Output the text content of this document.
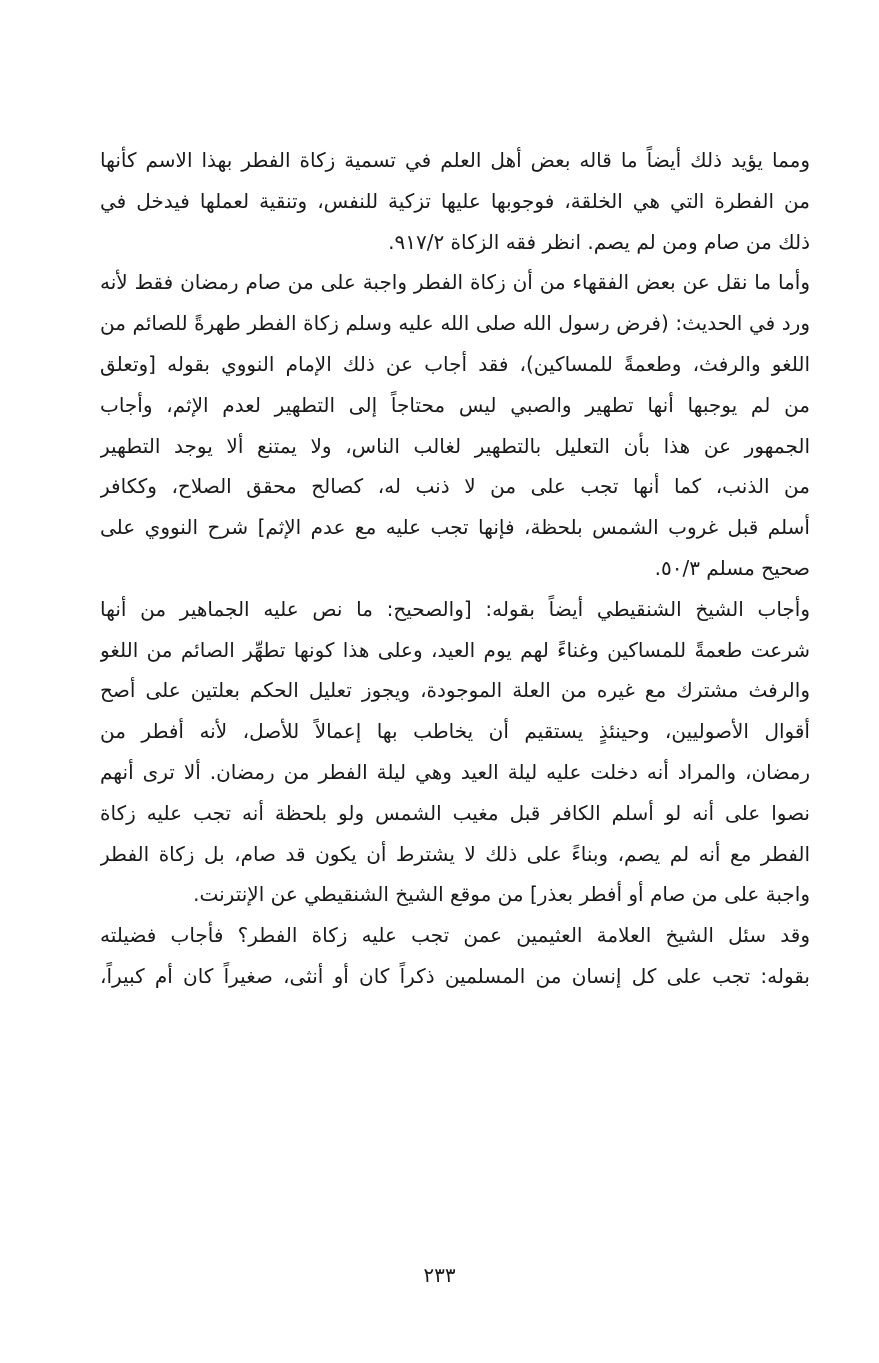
ومما يؤيد ذلك أيضاً ما قاله بعض أهل العلم في تسمية زكاة الفطر بهذا الاسم كأنها
من الفطرة التي هي الخلقة، فوجوبها عليها تزكية للنفس، وتنقية لعملها فيدخل في
ذلك من صام ومن لم يصم. انظر فقه الزكاة ٩١٧/٢.
وأما ما نقل عن بعض الفقهاء من أن زكاة الفطر واجبة على من صام رمضان فقط لأنه
ورد في الحديث: (فرض رسول الله صلى الله عليه وسلم زكاة الفطر طهرةً للصائم من
اللغو والرفث، وطعمةً للمساكين)، فقد أجاب عن ذلك الإمام النووي بقوله [وتعلق
من لم يوجبها أنها تطهير والصبي ليس محتاجاً إلى التطهير لعدم الإثم، وأجاب
الجمهور عن هذا بأن التعليل بالتطهير لغالب الناس، ولا يمتنع ألا يوجد التطهير
من الذنب، كما أنها تجب على من لا ذنب له، كصالح محقق الصلاح، وككافر
أسلم قبل غروب الشمس بلحظة، فإنها تجب عليه مع عدم الإثم] شرح النووي على
صحيح مسلم ٥٠/٣.
وأجاب الشيخ الشنقيطي أيضاً بقوله: [والصحيح: ما نص عليه الجماهير من أنها
شرعت طعمةً للمساكين وغناءً لهم يوم العيد، وعلى هذا كونها تطهِّر الصائم من اللغو
والرفث مشترك مع غيره من العلة الموجودة، ويجوز تعليل الحكم بعلتين على أصح
أقوال الأصوليين، وحينئذٍ يستقيم أن يخاطب بها إعمالاً للأصل، لأنه أفطر من
رمضان، والمراد أنه دخلت عليه ليلة العيد وهي ليلة الفطر من رمضان. ألا ترى أنهم
نصوا على أنه لو أسلم الكافر قبل مغيب الشمس ولو بلحظة أنه تجب عليه زكاة
الفطر مع أنه لم يصم، وبناءً على ذلك لا يشترط أن يكون قد صام، بل زكاة الفطر
واجبة على من صام أو أفطر بعذر] من موقع الشيخ الشنقيطي عن الإنترنت.
وقد سئل الشيخ العلامة العثيمين عمن تجب عليه زكاة الفطر؟ فأجاب فضيلته
بقوله: تجب على كل إنسان من المسلمين ذكراً كان أو أنثى، صغيراً كان أم كبيراً،
٢٣٣
